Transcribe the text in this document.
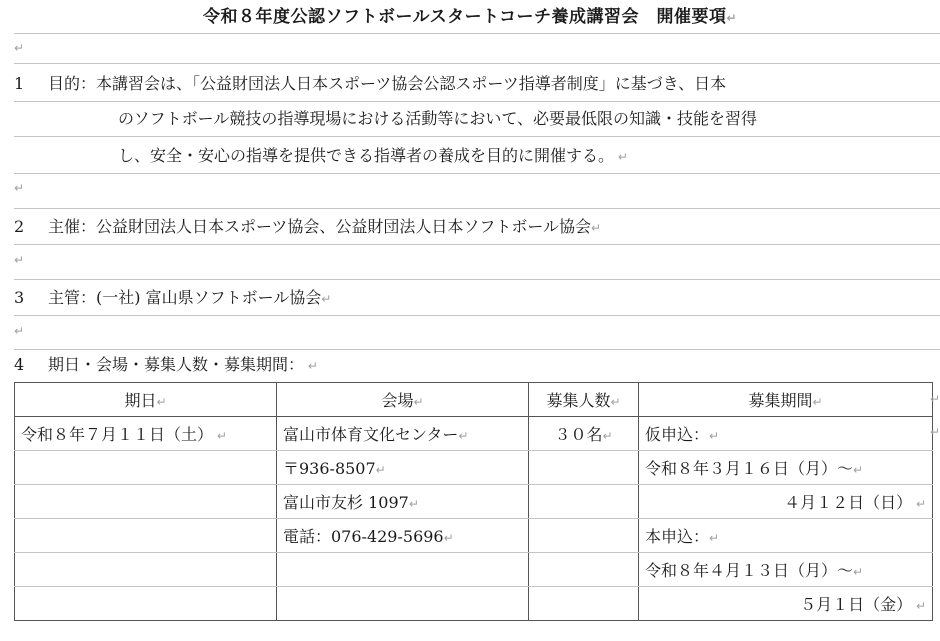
令和８年度公認ソフトボールスタートコーチ養成講習会　開催要項↵
↵
1 目的：本講習会は、「公益財団法人日本スポーツ協会公認スポーツ指導者制度」に基づき、日本
のソフトボール競技の指導現場における活動等において、必要最低限の知識・技能を習得
し、安全・安心の指導を提供できる指導者の養成を目的に開催する。 ↵
↵
2 主催：公益財団法人日本スポーツ協会、公益財団法人日本ソフトボール協会↵
↵
3 主管：(一社) 富山県ソフトボール協会↵
↵
4 期日・会場・募集人数・募集期間： ↵
期日↵	会場↵	募集人数↵	募集期間↵
令和８年７月１１日（土） ↵	富山市体育文化センター↵	３０名↵	仮申込：↵
	〒936-8507↵		令和８年３月１６日（月）～↵
	富山市友杉 1097↵		４月１２日（日） ↵
	電話：076-429-5696↵		本申込：↵
			令和８年４月１３日（月）～↵
			５月１日（金） ↵
↵
↵
